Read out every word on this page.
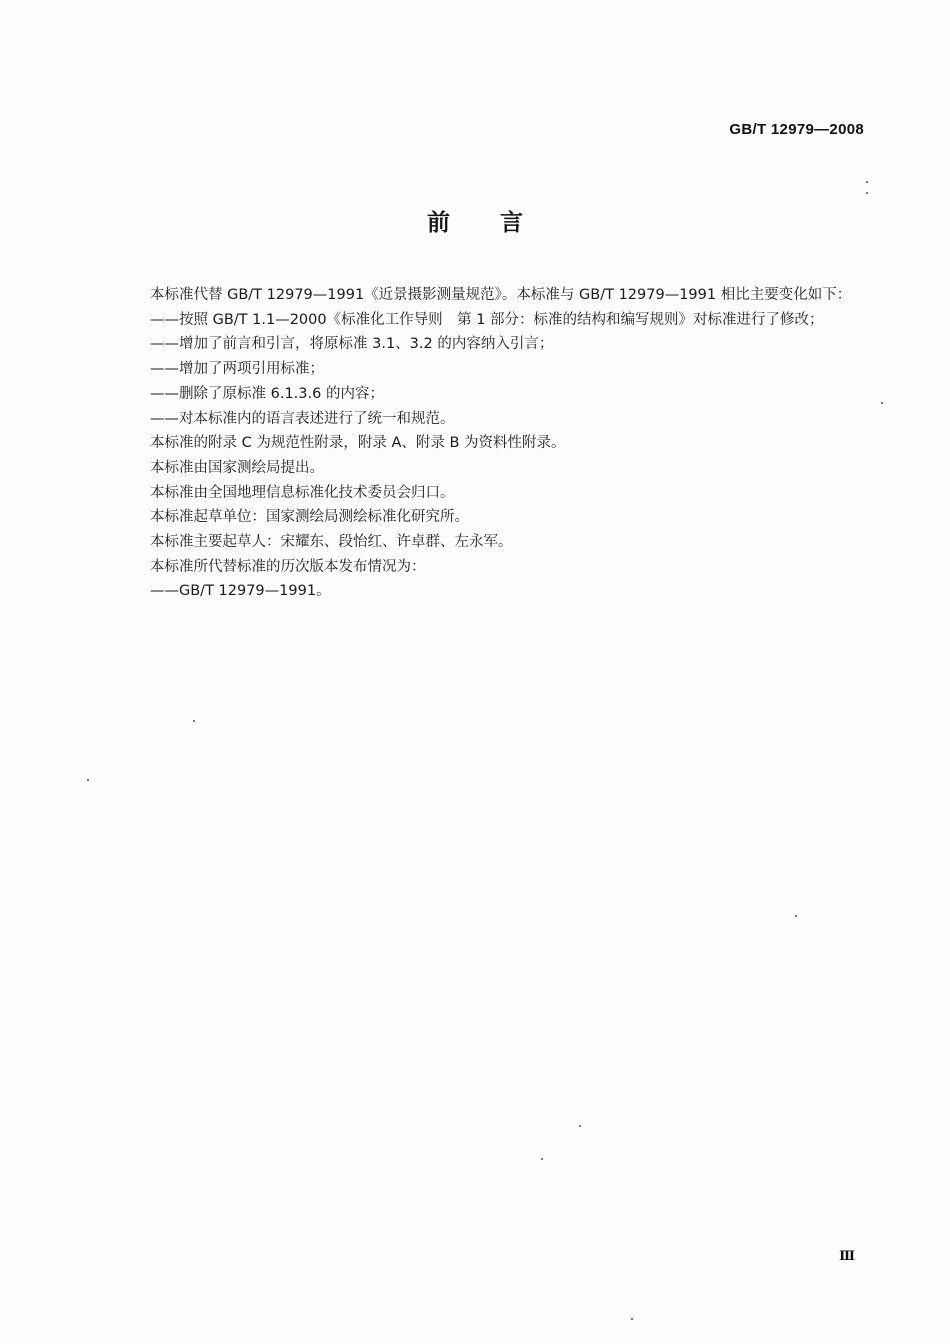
GB/T 12979—2008
前言

本标准代替 GB/T 12979—1991《近景摄影测量规范》。本标准与 GB/T 12979—1991 相比主要变化如下：

——按照 GB/T 1.1—2000《标准化工作导则　第 1 部分：标准的结构和编写规则》对标准进行了修改；

——增加了前言和引言，将原标准 3.1、3.2 的内容纳入引言；

——增加了两项引用标准；

——删除了原标准 6.1.3.6 的内容；

——对本标准内的语言表述进行了统一和规范。

本标准的附录 C 为规范性附录，附录 A、附录 B 为资料性附录。

本标准由国家测绘局提出。

本标准由全国地理信息标准化技术委员会归口。

本标准起草单位：国家测绘局测绘标准化研究所。

本标准主要起草人：宋耀东、段怡红、许卓群、左永军。

本标准所代替标准的历次版本发布情况为：

——GB/T 12979—1991。

Ⅲ
